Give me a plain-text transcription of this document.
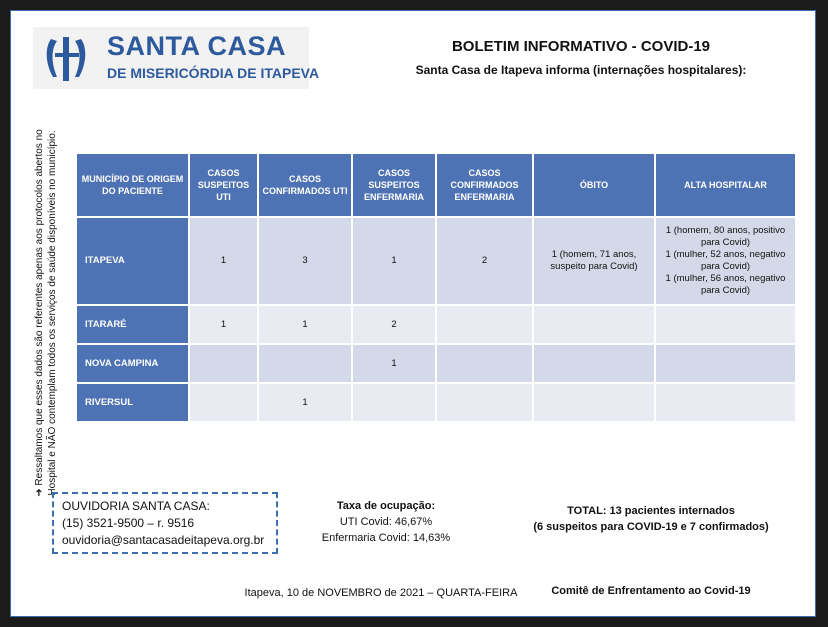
SANTA CASA
DE MISERICÓRDIA DE ITAPEVA
BOLETIM INFORMATIVO - COVID-19
Santa Casa de Itapeva informa (internações hospitalares):
➜ Ressaltamos que esses dados são referentes apenas aos protocolos abertos no Hospital e NÃO contemplam todos os serviços de saúde disponíveis no município.	MUNICÍPIO DE ORIGEM DO PACIENTE	CASOS SUSPEITOS UTI	CASOS CONFIRMADOS UTI	CASOS SUSPEITOS ENFERMARIA	CASOS CONFIRMADOS ENFERMARIA	ÓBITO	ALTA HOSPITALAR
ITAPEVA	1	3	1	2	1 (homem, 71 anos, suspeito para Covid)	1 (homem, 80 anos, positivo para Covid)
1 (mulher, 52 anos, negativo para Covid)
1 (mulher, 56 anos, negativo para Covid)

ITARARÉ	1	1	2			
NOVA CAMPINA			1			
RIVERSUL		1				
OUVIDORIA SANTA CASA:
(15) 3521-9500 – r. 9516
ouvidoria@santacasadeitapeva.org.br
Taxa de ocupação:
UTI Covid: 46,67%
Enfermaria Covid: 14,63%
TOTAL: 13 pacientes internados
(6 suspeitos para COVID-19 e 7 confirmados)
Itapeva, 10 de NOVEMBRO de 2021 – QUARTA-FEIRA	Comitê de Enfrentamento ao Covid-19
